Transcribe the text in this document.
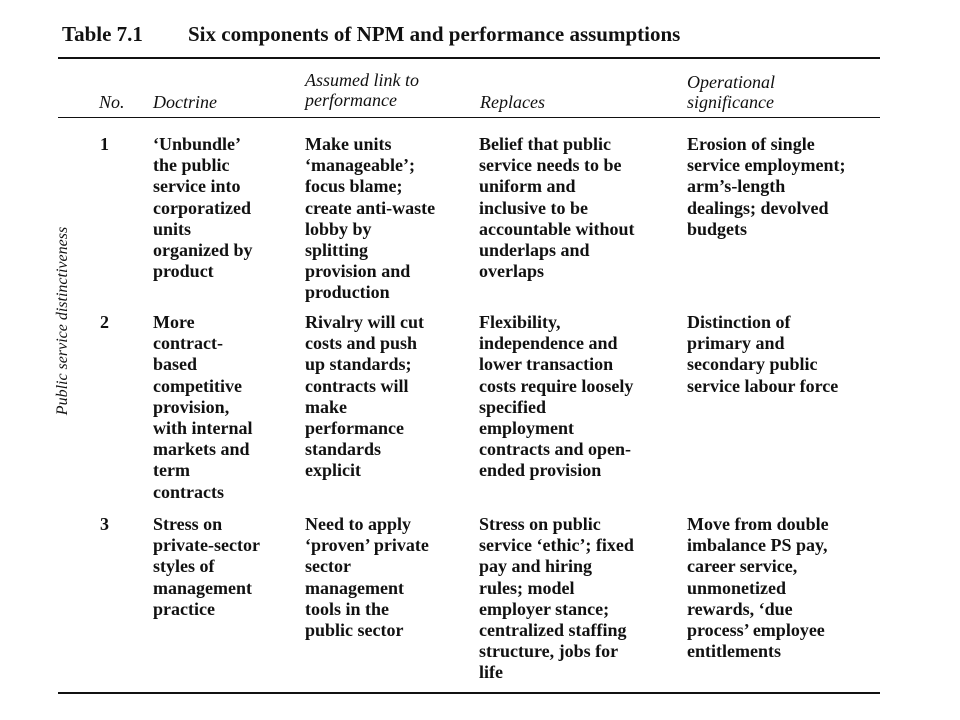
Table 7.1 Six components of NPM and performance assumptions
No. Doctrine
Assumed link to
performance	Replaces
Operational
significance
Public service distinctiveness
1 ‘Unbundle’
the public
service into
corporatized
units
organized by
product
Make units
‘manageable’;
focus blame;
create anti-waste
lobby by
splitting
provision and
production
Belief that public
service needs to be
uniform and
inclusive to be
accountable without
underlaps and
overlaps
Erosion of single
service employment;
arm’s-length
dealings; devolved
budgets
2 More
contract-
based
competitive
provision,
with internal
markets and
term
contracts
Rivalry will cut
costs and push
up standards;
contracts will
make
performance
standards
explicit
Flexibility,
independence and
lower transaction
costs require loosely
specified
employment
contracts and open-
ended provision
Distinction of
primary and
secondary public
service labour force
3 Stress on
private-sector
styles of
management
practice
Need to apply
‘proven’ private
sector
management
tools in the
public sector
Stress on public
service ‘ethic’; fixed
pay and hiring
rules; model
employer stance;
centralized staffing
structure, jobs for
life
Move from double
imbalance PS pay,
career service,
unmonetized
rewards, ‘due
process’ employee
entitlements
